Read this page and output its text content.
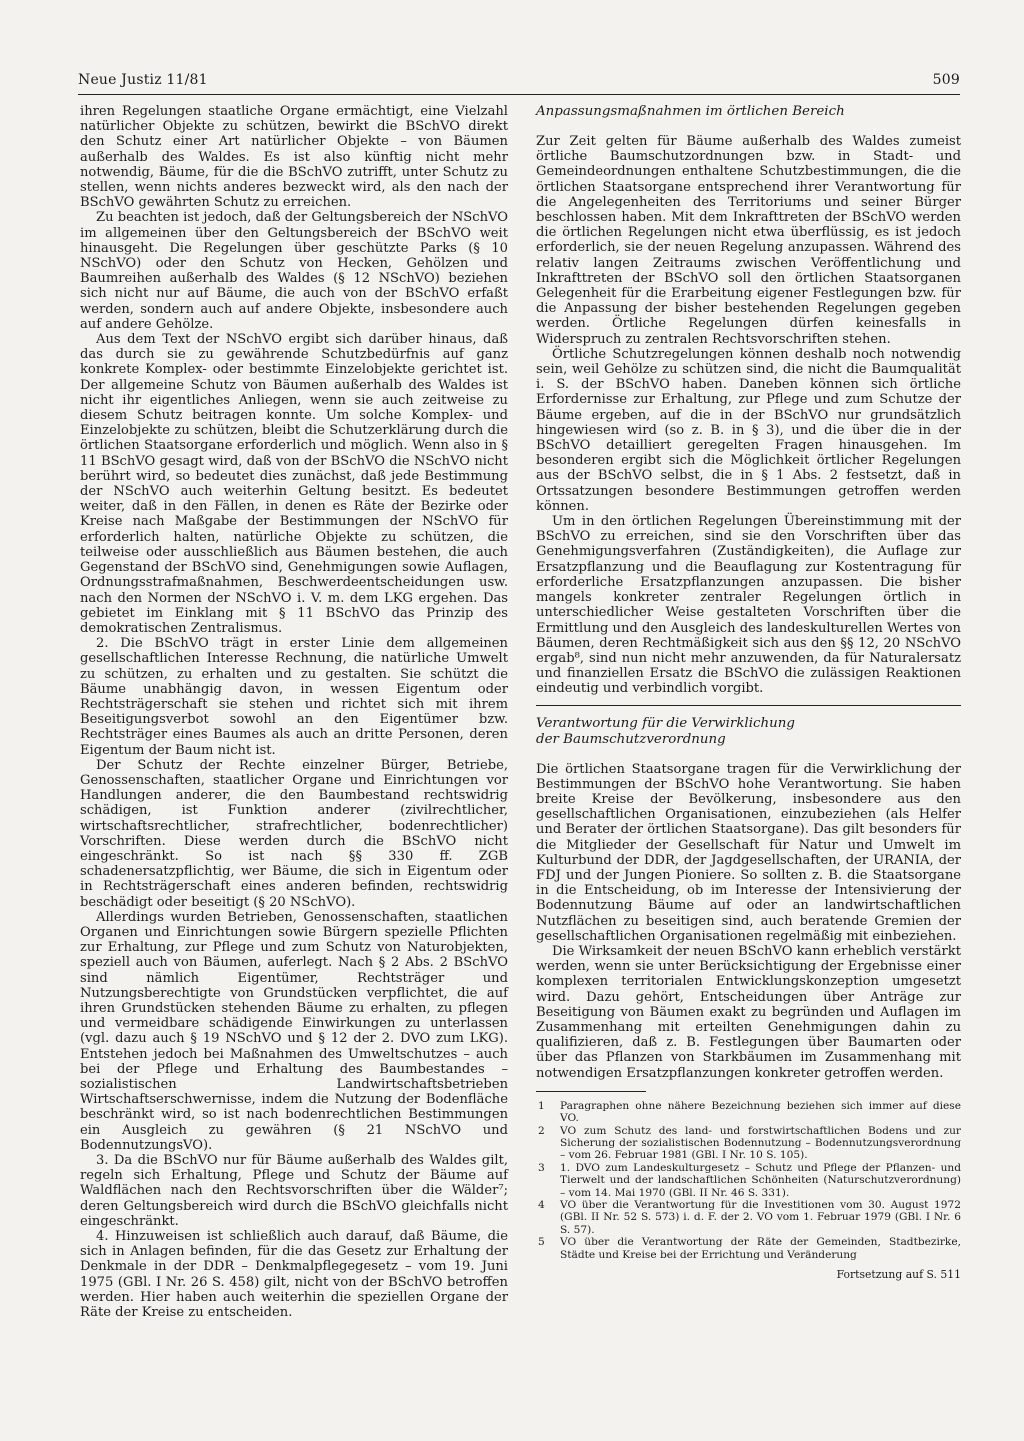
Neue Justiz 11/81	509

ihren Regelungen staatliche Organe ermächtigt, eine Vielzahl natürlicher Objekte zu schützen, bewirkt die BSchVO direkt den Schutz einer Art natürlicher Objekte – von Bäumen außerhalb des Waldes. Es ist also künftig nicht mehr notwendig, Bäume, für die die BSchVO zutrifft, unter Schutz zu stellen, wenn nichts anderes bezweckt wird, als den nach der BSchVO gewährten Schutz zu erreichen.

Zu beachten ist jedoch, daß der Geltungsbereich der NSchVO im allgemeinen über den Geltungsbereich der BSchVO weit hinausgeht. Die Regelungen über geschützte Parks (§ 10 NSchVO) oder den Schutz von Hecken, Gehölzen und Baumreihen außerhalb des Waldes (§ 12 NSchVO) beziehen sich nicht nur auf Bäume, die auch von der BSchVO erfaßt werden, sondern auch auf andere Objekte, insbesondere auch auf andere Gehölze.

Aus dem Text der NSchVO ergibt sich darüber hinaus, daß das durch sie zu gewährende Schutzbedürfnis auf ganz konkrete Komplex- oder bestimmte Einzelobjekte gerichtet ist. Der allgemeine Schutz von Bäumen außerhalb des Waldes ist nicht ihr eigentliches Anliegen, wenn sie auch zeitweise zu diesem Schutz beitragen konnte. Um solche Komplex- und Einzelobjekte zu schützen, bleibt die Schutzerklärung durch die örtlichen Staatsorgane erforderlich und möglich. Wenn also in § 11 BSchVO gesagt wird, daß von der BSchVO die NSchVO nicht berührt wird, so bedeutet dies zunächst, daß jede Bestimmung der NSchVO auch weiterhin Geltung besitzt. Es bedeutet weiter, daß in den Fällen, in denen es Räte der Bezirke oder Kreise nach Maßgabe der Bestimmungen der NSchVO für erforderlich halten, natürliche Objekte zu schützen, die teilweise oder ausschließlich aus Bäumen bestehen, die auch Gegenstand der BSchVO sind, Genehmigungen sowie Auflagen, Ordnungsstrafmaßnahmen, Beschwerdeentscheidungen usw. nach den Normen der NSchVO i. V. m. dem LKG ergehen. Das gebietet im Einklang mit § 11 BSchVO das Prinzip des demokratischen Zentralismus.

2. Die BSchVO trägt in erster Linie dem allgemeinen gesellschaftlichen Interesse Rechnung, die natürliche Umwelt zu schützen, zu erhalten und zu gestalten. Sie schützt die Bäume unabhängig davon, in wessen Eigentum oder Rechtsträgerschaft sie stehen und richtet sich mit ihrem Beseitigungsverbot sowohl an den Eigentümer bzw. Rechtsträger eines Baumes als auch an dritte Personen, deren Eigentum der Baum nicht ist.

Der Schutz der Rechte einzelner Bürger, Betriebe, Genossenschaften, staatlicher Organe und Einrichtungen vor Handlungen anderer, die den Baumbestand rechtswidrig schädigen, ist Funktion anderer (zivilrechtlicher, wirtschaftsrechtlicher, strafrechtlicher, bodenrechtlicher) Vorschriften. Diese werden durch die BSchVO nicht eingeschränkt. So ist nach §§ 330 ff. ZGB schadenersatzpflichtig, wer Bäume, die sich in Eigentum oder in Rechtsträgerschaft eines anderen befinden, rechtswidrig beschädigt oder beseitigt (§ 20 NSchVO).

Allerdings wurden Betrieben, Genossenschaften, staatlichen Organen und Einrichtungen sowie Bürgern spezielle Pflichten zur Erhaltung, zur Pflege und zum Schutz von Naturobjekten, speziell auch von Bäumen, auferlegt. Nach § 2 Abs. 2 BSchVO sind nämlich Eigentümer, Rechtsträger und Nutzungsberechtigte von Grundstücken verpflichtet, die auf ihren Grundstücken stehenden Bäume zu erhalten, zu pflegen und vermeidbare schädigende Einwirkungen zu unterlassen (vgl. dazu auch § 19 NSchVO und § 12 der 2. DVO zum LKG). Entstehen jedoch bei Maßnahmen des Umweltschutzes – auch bei der Pflege und Erhaltung des Baumbestandes – sozialistischen Landwirtschaftsbetrieben Wirtschaftserschwernisse, indem die Nutzung der Bodenfläche beschränkt wird, so ist nach bodenrechtlichen Bestimmungen ein Ausgleich zu gewähren (§ 21 NSchVO und BodennutzungsVO).

3. Da die BSchVO nur für Bäume außerhalb des Waldes gilt, regeln sich Erhaltung, Pflege und Schutz der Bäume auf Waldflächen nach den Rechtsvorschriften über die Wälder⁷; deren Geltungsbereich wird durch die BSchVO gleichfalls nicht eingeschränkt.

4. Hinzuweisen ist schließlich auch darauf, daß Bäume, die sich in Anlagen befinden, für die das Gesetz zur Erhaltung der Denkmale in der DDR – Denkmalpflegegesetz – vom 19. Juni 1975 (GBl. I Nr. 26 S. 458) gilt, nicht von der BSchVO betroffen werden. Hier haben auch weiterhin die speziellen Organe der Räte der Kreise zu entscheiden.

Anpassungsmaßnahmen im örtlichen Bereich

Zur Zeit gelten für Bäume außerhalb des Waldes zumeist örtliche Baumschutzordnungen bzw. in Stadt- und Gemeindeordnungen enthaltene Schutzbestimmungen, die die örtlichen Staatsorgane entsprechend ihrer Verantwortung für die Angelegenheiten des Territoriums und seiner Bürger beschlossen haben. Mit dem Inkrafttreten der BSchVO werden die örtlichen Regelungen nicht etwa überflüssig, es ist jedoch erforderlich, sie der neuen Regelung anzupassen. Während des relativ langen Zeitraums zwischen Veröffentlichung und Inkrafttreten der BSchVO soll den örtlichen Staatsorganen Gelegenheit für die Erarbeitung eigener Festlegungen bzw. für die Anpassung der bisher bestehenden Regelungen gegeben werden. Örtliche Regelungen dürfen keinesfalls in Widerspruch zu zentralen Rechtsvorschriften stehen.

Örtliche Schutzregelungen können deshalb noch notwendig sein, weil Gehölze zu schützen sind, die nicht die Baumqualität i. S. der BSchVO haben. Daneben können sich örtliche Erfordernisse zur Erhaltung, zur Pflege und zum Schutze der Bäume ergeben, auf die in der BSchVO nur grundsätzlich hingewiesen wird (so z. B. in § 3), und die über die in der BSchVO detailliert geregelten Fragen hinausgehen. Im besonderen ergibt sich die Möglichkeit örtlicher Regelungen aus der BSchVO selbst, die in § 1 Abs. 2 festsetzt, daß in Ortssatzungen besondere Bestimmungen getroffen werden können.

Um in den örtlichen Regelungen Übereinstimmung mit der BSchVO zu erreichen, sind sie den Vorschriften über das Genehmigungsverfahren (Zuständigkeiten), die Auflage zur Ersatzpflanzung und die Beauflagung zur Kostentragung für erforderliche Ersatzpflanzungen anzupassen. Die bisher mangels konkreter zentraler Regelungen örtlich in unterschiedlicher Weise gestalteten Vorschriften über die Ermittlung und den Ausgleich des landeskulturellen Wertes von Bäumen, deren Rechtmäßigkeit sich aus den §§ 12, 20 NSchVO ergab⁸, sind nun nicht mehr anzuwenden, da für Naturalersatz und finanziellen Ersatz die BSchVO die zulässigen Reaktionen eindeutig und verbindlich vorgibt.

Verantwortung für die Verwirklichung
der Baumschutzverordnung

Die örtlichen Staatsorgane tragen für die Verwirklichung der Bestimmungen der BSchVO hohe Verantwortung. Sie haben breite Kreise der Bevölkerung, insbesondere aus den gesellschaftlichen Organisationen, einzubeziehen (als Helfer und Berater der örtlichen Staatsorgane). Das gilt besonders für die Mitglieder der Gesellschaft für Natur und Umwelt im Kulturbund der DDR, der Jagdgesellschaften, der URANIA, der FDJ und der Jungen Pioniere. So sollten z. B. die Staatsorgane in die Entscheidung, ob im Interesse der Intensivierung der Bodennutzung Bäume auf oder an landwirtschaftlichen Nutzflächen zu beseitigen sind, auch beratende Gremien der gesellschaftlichen Organisationen regelmäßig mit einbeziehen.

Die Wirksamkeit der neuen BSchVO kann erheblich verstärkt werden, wenn sie unter Berücksichtigung der Ergebnisse einer komplexen territorialen Entwicklungskonzeption umgesetzt wird. Dazu gehört, Entscheidungen über Anträge zur Beseitigung von Bäumen exakt zu begründen und Auflagen im Zusammenhang mit erteilten Genehmigungen dahin zu qualifizieren, daß z. B. Festlegungen über Baumarten oder über das Pflanzen von Starkbäumen im Zusammenhang mit notwendigen Ersatzpflanzungen konkreter getroffen werden.

1 Paragraphen ohne nähere Bezeichnung beziehen sich immer auf diese VO.
2 VO zum Schutz des land- und forstwirtschaftlichen Bodens und zur Sicherung der sozialistischen Bodennutzung – Bodennutzungsverordnung – vom 26. Februar 1981 (GBl. I Nr. 10 S. 105).
3 1. DVO zum Landeskulturgesetz – Schutz und Pflege der Pflanzen- und Tierwelt und der landschaftlichen Schönheiten (Naturschutzverordnung) – vom 14. Mai 1970 (GBl. II Nr. 46 S. 331).
4 VO über die Verantwortung für die Investitionen vom 30. August 1972 (GBl. II Nr. 52 S. 573) i. d. F. der 2. VO vom 1. Februar 1979 (GBl. I Nr. 6 S. 57).
5 VO über die Verantwortung der Räte der Gemeinden, Stadtbezirke, Städte und Kreise bei der Errichtung und Veränderung
Fortsetzung auf S. 511
